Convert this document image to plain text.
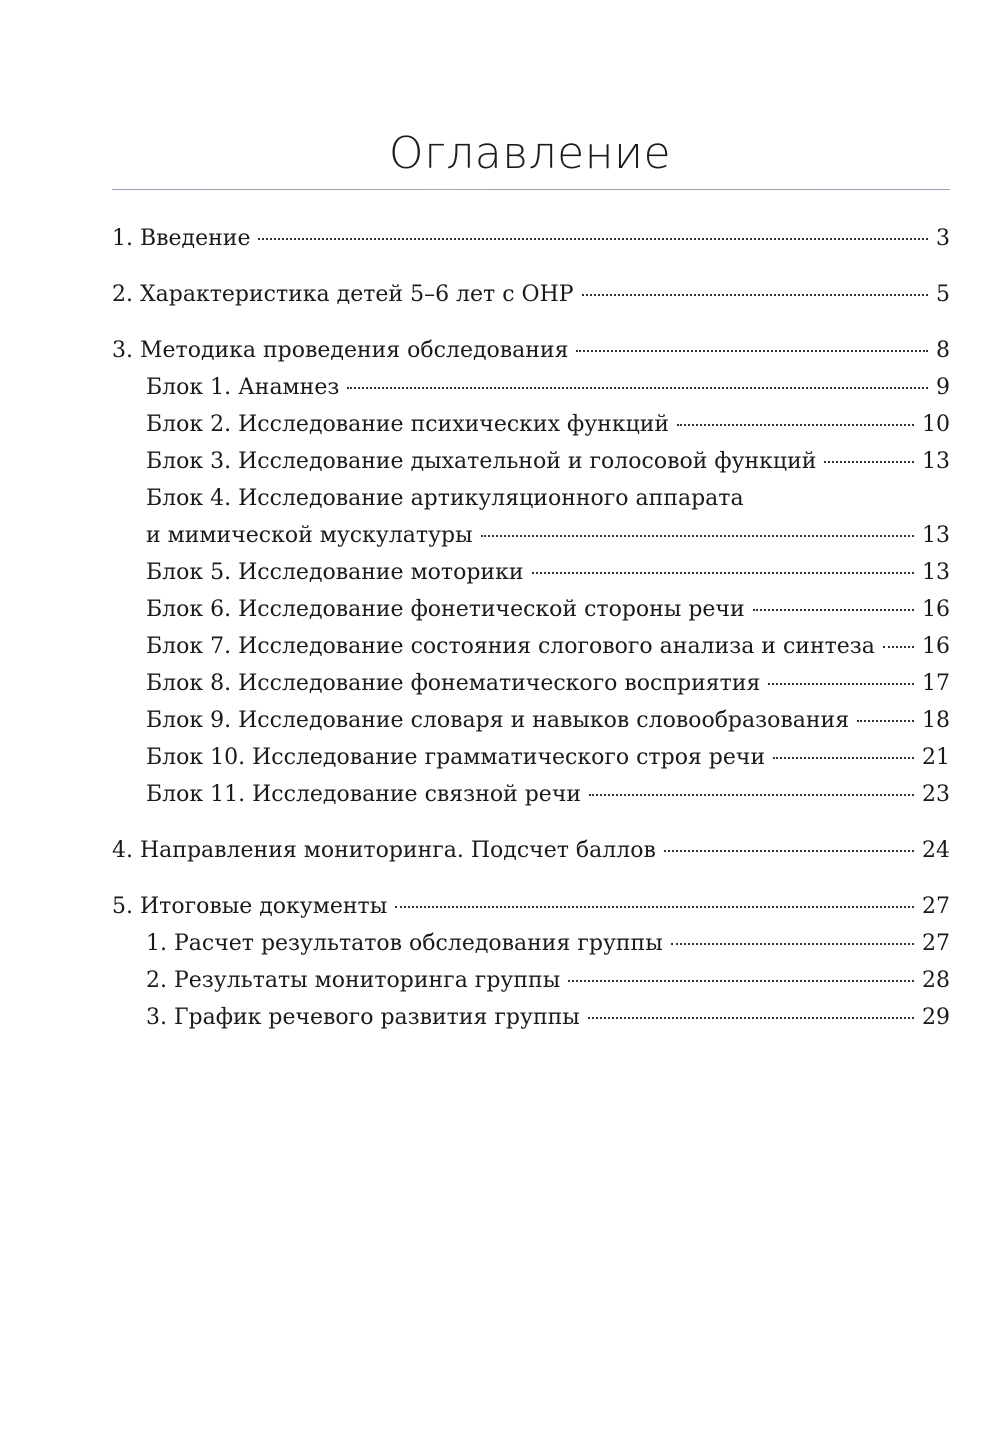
Оглавление
1. Введение	3
2. Характеристика детей 5–6 лет с ОНР	5
3. Методика проведения обследования	8
Блок 1. Анамнез	9
Блок 2. Исследование психических функций	10
Блок 3. Исследование дыхательной и голосовой функций	13
Блок 4. Исследование артикуляционного аппарата
и мимической мускулатуры	13
Блок 5. Исследование моторики	13
Блок 6. Исследование фонетической стороны речи	16
Блок 7. Исследование состояния слогового анализа и синтеза 16
Блок 8. Исследование фонематического восприятия	17
Блок 9. Исследование словаря и навыков словообразования	18
Блок 10. Исследование грамматического строя речи	21
Блок 11. Исследование связной речи	23
4. Направления мониторинга. Подсчет баллов	24
5. Итоговые документы	27
1. Расчет результатов обследования группы	27
2. Результаты мониторинга группы	28
3. График речевого развития группы	29
